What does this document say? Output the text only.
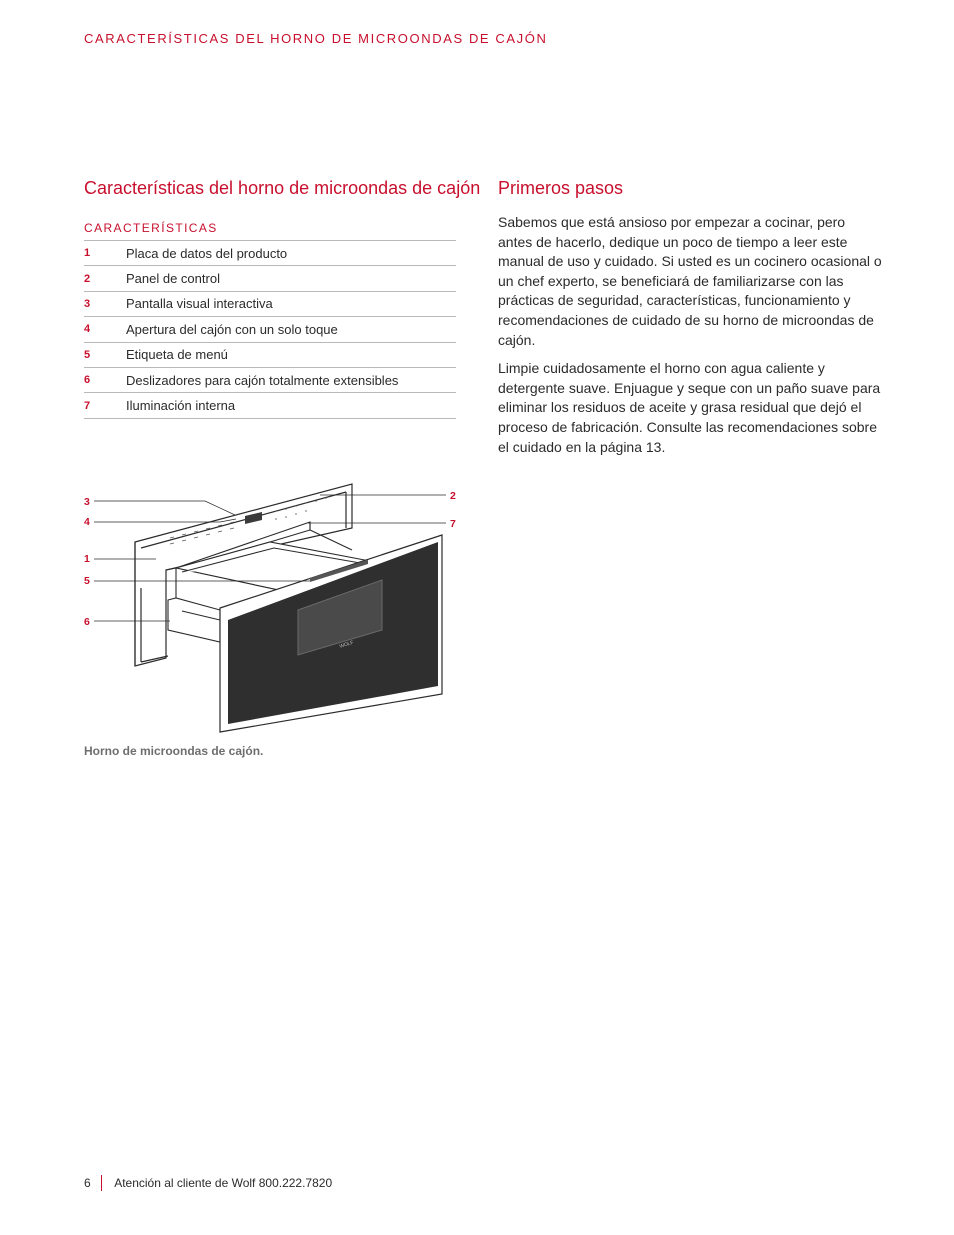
CARACTERÍSTICAS DEL HORNO DE MICROONDAS DE CAJÓN
Características del horno de microondas de cajón Primeros pasos
CARACTERÍSTICAS
1	Placa de datos del producto
2	Panel de control
3	Pantalla visual interactiva
4	Apertura del cajón con un solo toque
5	Etiqueta de menú
6	Deslizadores para cajón totalmente extensibles
7	Iluminación interna

Sabemos que está ansioso por empezar a cocinar, pero antes de hacerlo, dedique un poco de tiempo a leer este manual de uso y cuidado. Si usted es un cocinero ocasional o un chef experto, se beneficiará de familiarizarse con las prácticas de seguridad, características, funcionamiento y recomendaciones de cuidado de su horno de microondas de cajón.

Limpie cuidadosamente el horno con agua caliente y detergente suave. Enjuague y seque con un paño suave para eliminar los residuos de aceite y grasa residual que dejó el proceso de fabricación. Consulte las recomendaciones sobre el cuidado en la página 13.

WOLF
3
4
1
5
6
2
7
Horno de microondas de cajón.
6 Atención al cliente de Wolf 800.222.7820
